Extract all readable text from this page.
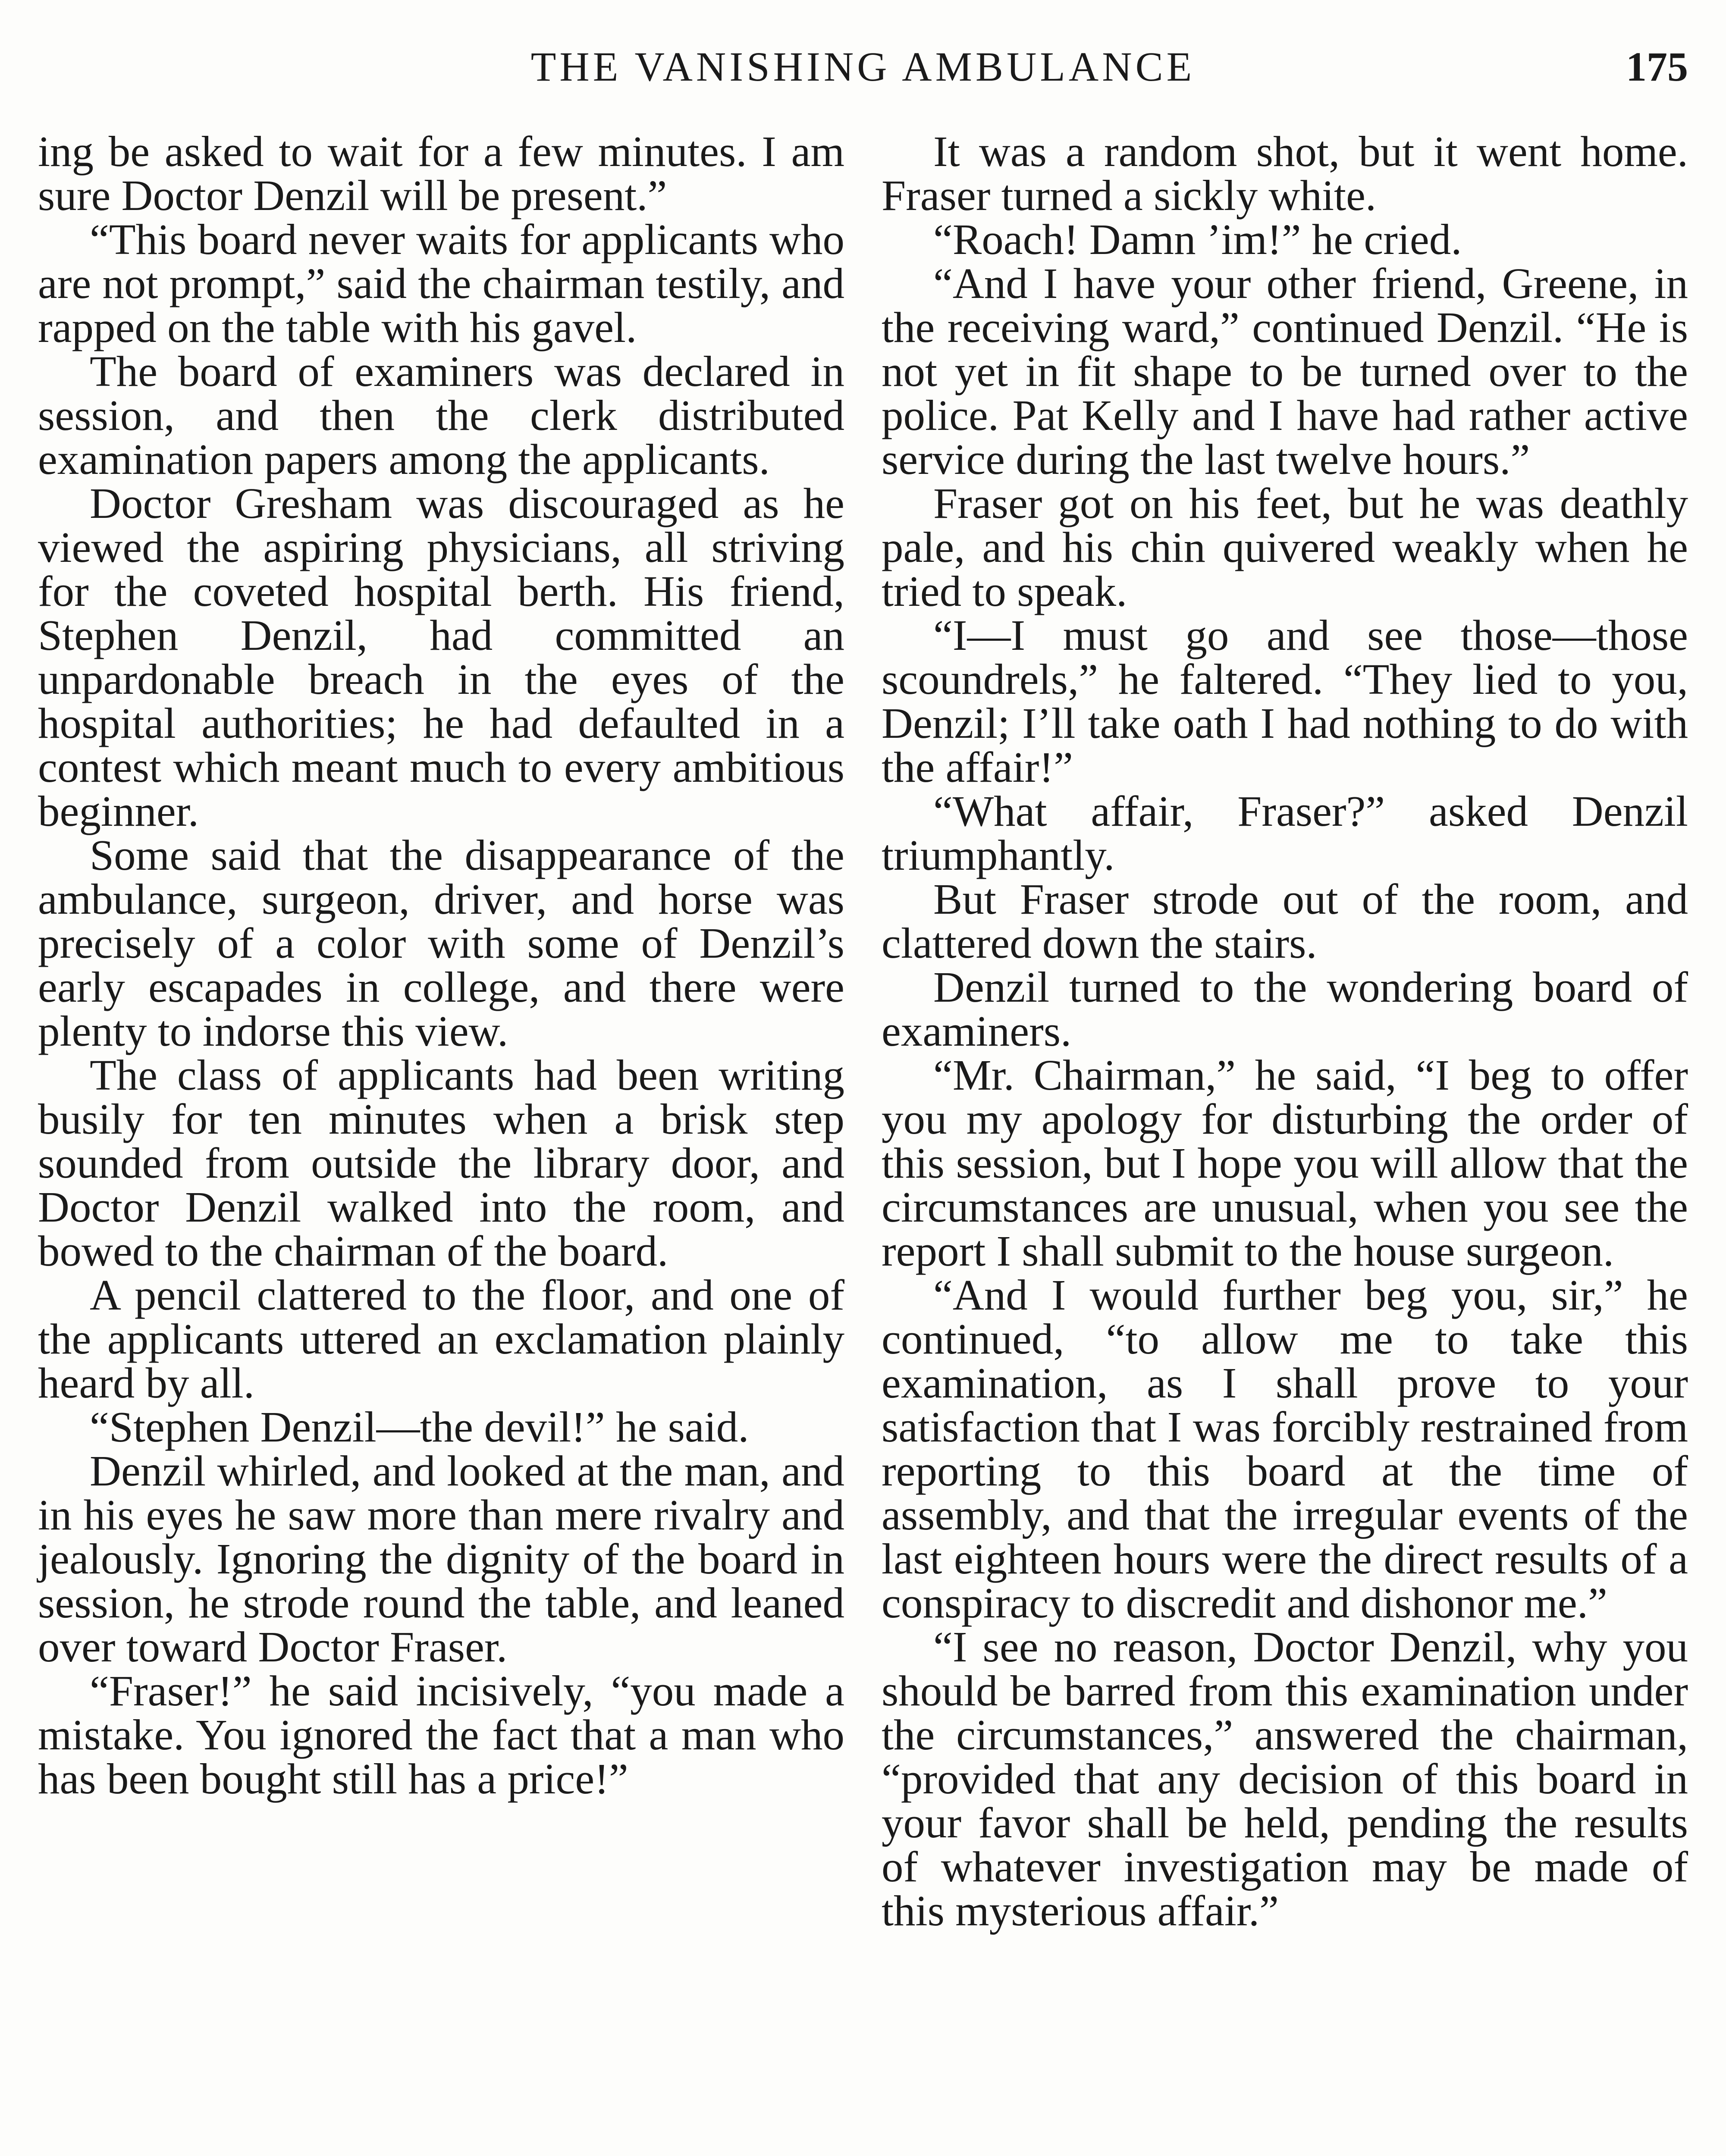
THE VANISHING AMBULANCE	175

ing be asked to wait for a few minutes. I am sure Doctor Denzil will be present.”

“This board never waits for applicants who are not prompt,” said the chairman testily, and rapped on the table with his gavel.

The board of examiners was declared in session, and then the clerk distributed examination papers among the applicants.

Doctor Gresham was discouraged as he viewed the aspiring physicians, all striving for the coveted hospital berth. His friend, Stephen Denzil, had committed an unpardonable breach in the eyes of the hospital authorities; he had defaulted in a contest which meant much to every ambitious beginner.

Some said that the disappearance of the ambulance, surgeon, driver, and horse was precisely of a color with some of Denzil’s early escapades in college, and there were plenty to indorse this view.

The class of applicants had been writing busily for ten minutes when a brisk step sounded from outside the library door, and Doctor Denzil walked into the room, and bowed to the chairman of the board.

A pencil clattered to the floor, and one of the applicants uttered an exclamation plainly heard by all.

“Stephen Denzil—the devil!” he said.

Denzil whirled, and looked at the man, and in his eyes he saw more than mere rivalry and jealously. Ignoring the dignity of the board in session, he strode round the table, and leaned over toward Doctor Fraser.

“Fraser!” he said incisively, “you made a mistake. You ignored the fact that a man who has been bought still has a price!”

It was a random shot, but it went home. Fraser turned a sickly white.

“Roach! Damn ’im!” he cried.

“And I have your other friend, Greene, in the receiving ward,” continued Denzil. “He is not yet in fit shape to be turned over to the police. Pat Kelly and I have had rather active service during the last twelve hours.”

Fraser got on his feet, but he was deathly pale, and his chin quivered weakly when he tried to speak.

“I—I must go and see those—those scoundrels,” he faltered. “They lied to you, Denzil; I’ll take oath I had nothing to do with the affair!”

“What affair, Fraser?” asked Denzil triumphantly.

But Fraser strode out of the room, and clattered down the stairs.

Denzil turned to the wondering board of examiners.

“Mr. Chairman,” he said, “I beg to offer you my apology for disturbing the order of this session, but I hope you will allow that the circumstances are unusual, when you see the report I shall submit to the house surgeon.

“And I would further beg you, sir,” he continued, “to allow me to take this examination, as I shall prove to your satisfaction that I was forcibly restrained from reporting to this board at the time of assembly, and that the irregular events of the last eighteen hours were the direct results of a conspiracy to discredit and dishonor me.”

“I see no reason, Doctor Denzil, why you should be barred from this examination under the circumstances,” answered the chairman, “provided that any decision of this board in your favor shall be held, pending the results of whatever investigation may be made of this mysterious affair.”
